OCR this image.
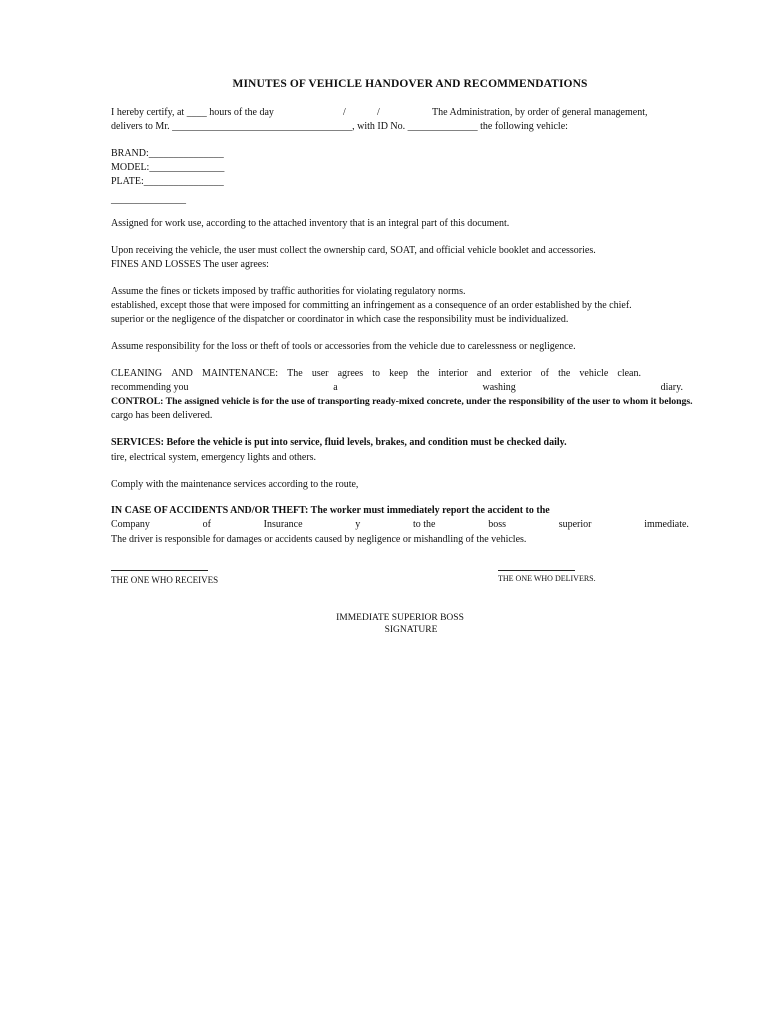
MINUTES OF VEHICLE HANDOVER AND RECOMMENDATIONS
I hereby certify, at ____ hours of the day	/	/	The Administration, by order of general management,
delivers to Mr. ____________________________________, with ID No. ______________ the following vehicle:
BRAND:_______________
MODEL:_______________
PLATE:________________
_______________
Assigned for work use, according to the attached inventory that is an integral part of this document.
Upon receiving the vehicle, the user must collect the ownership card, SOAT, and official vehicle booklet and accessories.
FINES AND LOSSES The user agrees:
Assume the fines or tickets imposed by traffic authorities for violating regulatory norms.
established, except those that were imposed for committing an infringement as a consequence of an order established by the chief.
superior or the negligence of the dispatcher or coordinator in which case the responsibility must be individualized.
Assume responsibility for the loss or theft of tools or accessories from the vehicle due to carelessness or negligence.
CLEANING AND MAINTENANCE: The user agrees to keep the interior and exterior of the vehicle clean.
recommending you	a	washing	diary.
CONTROL: The assigned vehicle is for the use of transporting ready-mixed concrete, under the responsibility of the user to whom it belongs.
cargo has been delivered.
SERVICES: Before the vehicle is put into service, fluid levels, brakes, and condition must be checked daily.
tire, electrical system, emergency lights and others.
Comply with the maintenance services according to the route,
IN CASE OF ACCIDENTS AND/OR THEFT: The worker must immediately report the accident to the
Company	of	Insurance	y	to the	boss	superior	immediate.
The driver is responsible for damages or accidents caused by negligence or mishandling of the vehicles.
THE ONE WHO RECEIVES	THE ONE WHO DELIVERS.
IMMEDIATE SUPERIOR BOSS
SIGNATURE
